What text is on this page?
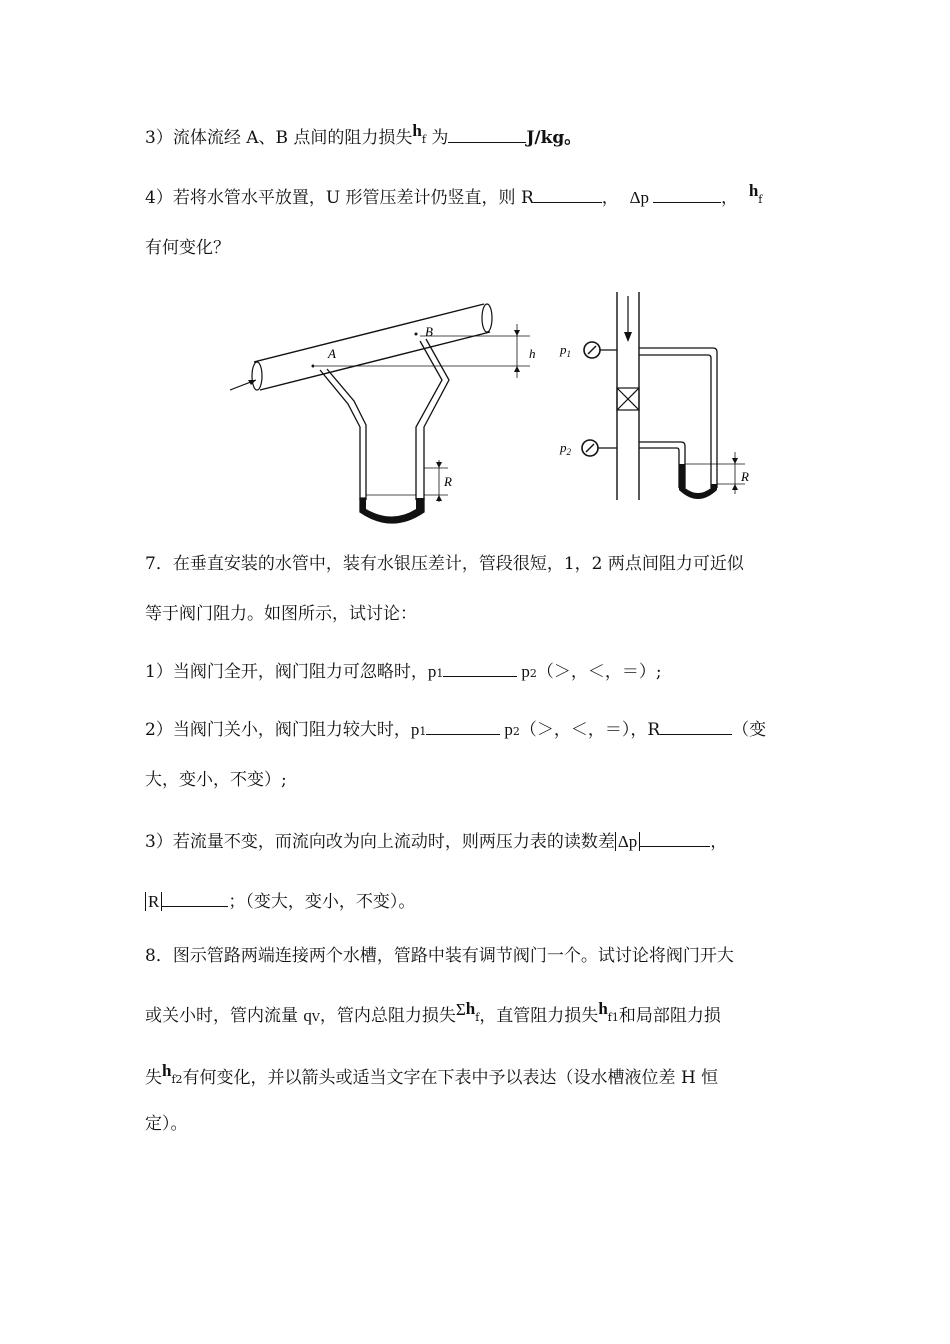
3）流体流经 A、B 点间的阻力损失hf 为	J/kg。
4）若将水管水平放置，U 形管压差计仍竖直，则 R	， Δp	， hf
有何变化？
A
B
h
R
$p_1$
$p_2$
R
7．在垂直安装的水管中，装有水银压差计，管段很短，1，2 两点间阻力可近似
等于阀门阻力。如图所示，试讨论：
1）当阀门全开，阀门阻力可忽略时，p1	p2（＞，＜，＝）;
2）当阀门关小，阀门阻力较大时，p1	p2（＞，＜，＝），R	（变
大，变小，不变）;
3）若流量不变，而流向改为向上流动时，则两压力表的读数差 Δp	，
R	；（变大，变小，不变）。
8．图示管路两端连接两个水槽，管路中装有调节阀门一个。试讨论将阀门开大
或关小时，管内流量 qV，管内总阻力损失Σhf，直管阻力损失hf1和局部阻力损
失hf2有何变化，并以箭头或适当文字在下表中予以表达（设水槽液位差 H 恒
定）。
